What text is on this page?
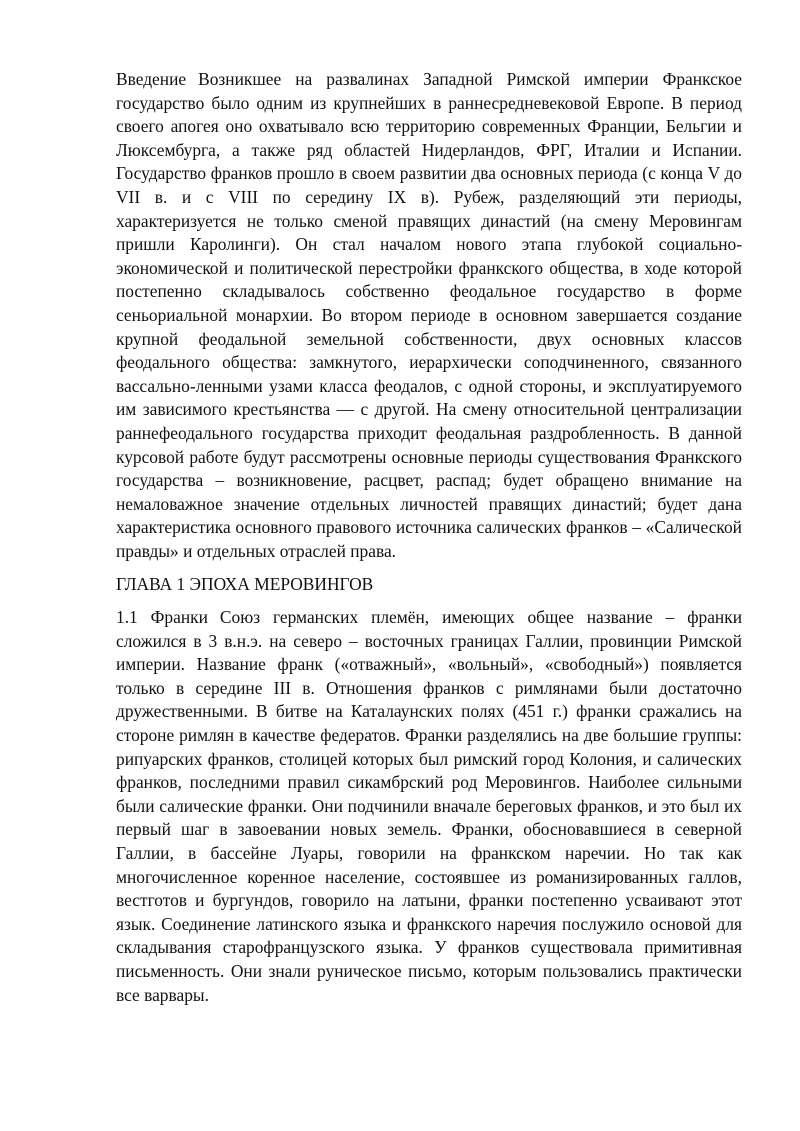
Введение Возникшее на развалинах Западной Римской империи Франкское государство было одним из крупнейших в раннесредневековой Европе. В период своего апогея оно охватывало всю территорию современных Франции, Бельгии и Люксембурга, а также ряд областей Нидерландов, ФРГ, Италии и Испании. Государство франков прошло в своем развитии два основных периода (с конца V до VII в. и с VIII по середину IX в). Рубеж, разделяющий эти периоды, характеризуется не только сменой правящих династий (на смену Меровингам пришли Каролинги). Он стал началом нового этапа глубокой социально-экономической и политической перестройки франкского общества, в ходе которой постепенно складывалось собственно феодальное государство в форме сеньориальной монархии. Во втором периоде в основном завершается создание крупной феодальной земельной собственности, двух основных классов феодального общества: замкнутого, иерархически соподчиненного, связанного вассально-ленными узами класса феодалов, с одной стороны, и эксплуатируемого им зависимого крестьянства — с другой. На смену относительной централизации раннефеодального государства приходит феодальная раздробленность. В данной курсовой работе будут рассмотрены основные периоды существования Франкского государства – возникновение, расцвет, распад; будет обращено внимание на немаловажное значение отдельных личностей правящих династий; будет дана характеристика основного правового источника салических франков – «Салической правды» и отдельных отраслей права.

ГЛАВА 1 ЭПОХА МЕРОВИНГОВ

1.1 Франки Союз германских племён, имеющих общее название – франки сложился в 3 в.н.э. на северо – восточных границах Галлии, провинции Римской империи. Название франк («отважный», «вольный», «свободный») появляется только в середине III в. Отношения франков с римлянами были достаточно дружественными. В битве на Каталаунских полях (451 г.) франки сражались на стороне римлян в качестве федератов. Франки разделялись на две большие группы: рипуарских франков, столицей которых был римский город Колония, и салических франков, последними правил сикамбрский род Меровингов. Наиболее сильными были салические франки. Они подчинили вначале береговых франков, и это был их первый шаг в завоевании новых земель. Франки, обосновавшиеся в северной Галлии, в бассейне Луары, говорили на франкском наречии. Но так как многочисленное коренное население, состоявшее из романизированных галлов, вестготов и бургундов, говорило на латыни, франки постепенно усваивают этот язык. Соединение латинского языка и франкского наречия послужило основой для складывания старофранцузского языка. У франков существовала примитивная письменность. Они знали руническое письмо, которым пользовались практически все варвары.
